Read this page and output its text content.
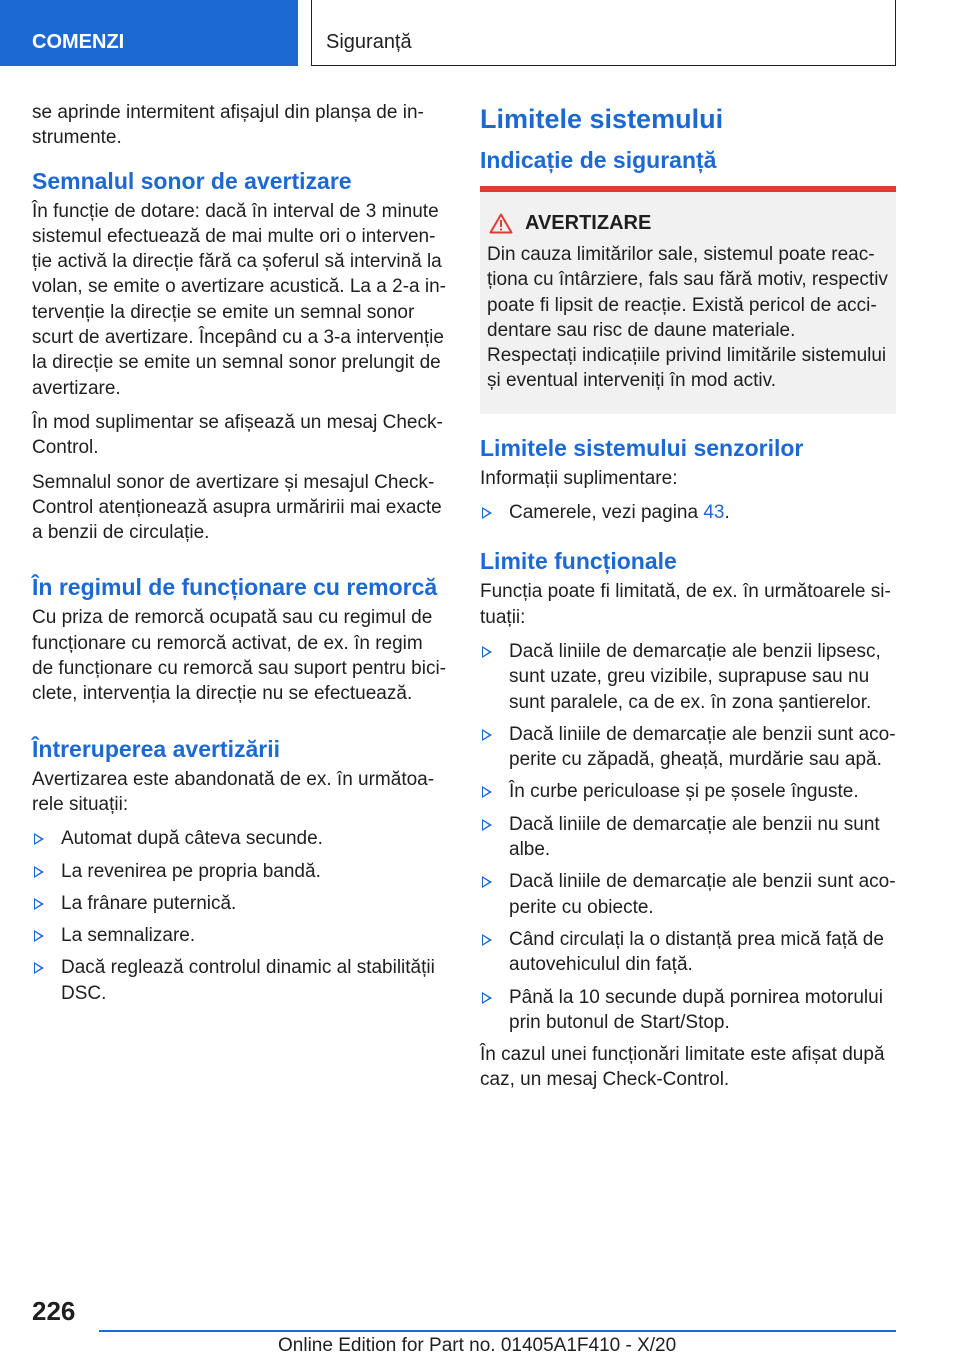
COMENZI	Siguranță

se aprinde intermitent afișajul din planșa de in-strumente.

Semnalul sonor de avertizare

În funcție de dotare: dacă în interval de 3 minute sistemul efectuează de mai multe ori o interven-ție activă la direcție fără ca șoferul să intervină la volan, se emite o avertizare acustică. La a 2-a in-tervenție la direcție se emite un semnal sonor scurt de avertizare. Începând cu a 3-a intervenție la direcție se emite un semnal sonor prelungit de avertizare.

În mod suplimentar se afișează un mesaj Check-Control.

Semnalul sonor de avertizare și mesajul Check-Control atenționează asupra urmăririi mai exacte a benzii de circulație.

În regimul de funcționare cu remorcă

Cu priza de remorcă ocupată sau cu regimul de funcționare cu remorcă activat, de ex. în regim de funcționare cu remorcă sau suport pentru bici-clete, intervenția la direcție nu se efectuează.

Întreruperea avertizării

Avertizarea este abandonată de ex. în următoa-rele situații:

Automat după câteva secunde.
La revenirea pe propria bandă.
La frânare puternică.
La semnalizare.
Dacă reglează controlul dinamic al stabilității DSC.
Limitele sistemului
Indicație de siguranță
AVERTIZARE

Din cauza limitărilor sale, sistemul poate reac-ționa cu întârziere, fals sau fără motiv, respectiv poate fi lipsit de reacție. Există pericol de acci-dentare sau risc de daune materiale. Respectați indicațiile privind limitările sistemului și eventual interveniți în mod activ.

Limitele sistemului senzorilor

Informații suplimentare:

Camerele, vezi pagina 43.
Limite funcționale

Funcția poate fi limitată, de ex. în următoarele si-tuații:

Dacă liniile de demarcație ale benzii lipsesc, sunt uzate, greu vizibile, suprapuse sau nu sunt paralele, ca de ex. în zona șantierelor.
Dacă liniile de demarcație ale benzii sunt aco-perite cu zăpadă, gheață, murdărie sau apă.
În curbe periculoase și pe șosele înguste.
Dacă liniile de demarcație ale benzii nu sunt albe.
Dacă liniile de demarcație ale benzii sunt aco-perite cu obiecte.
Când circulați la o distanță prea mică față de autovehiculul din față.
Până la 10 secunde după pornirea motorului prin butonul de Start/Stop.

În cazul unei funcționări limitate este afișat după caz, un mesaj Check-Control.

226
Online Edition for Part no. 01405A1F410 - X/20
